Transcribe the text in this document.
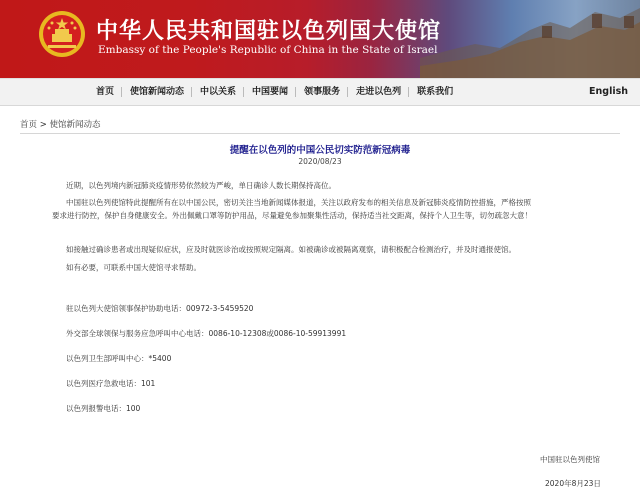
中华人民共和国驻以色列国大使馆
Embassy of the People's Republic of China in the State of Israel
首页	使馆新闻动态	中以关系	中国要闻	领事服务	走进以色列	联系我们	English
首页 > 使馆新闻动态
提醒在以色列的中国公民切实防范新冠病毒
2020/08/23
近期，以色列境内新冠肺炎疫情形势依然较为严峻，单日确诊人数长期保持高位。
中国驻以色列使馆特此提醒所有在以中国公民，密切关注当地新闻媒体报道，关注以政府发布的相关信息及新冠肺炎疫情防控措施，严格按照
要求进行防控，保护自身健康安全。外出佩戴口罩等防护用品，尽量避免参加聚集性活动，保持适当社交距离，保持个人卫生等，切勿疏忽大意！
如接触过确诊患者或出现疑似症状，应及时就医诊治或按照规定隔离。如被确诊或被隔离观察，请积极配合检测治疗，并及时通报使馆。
如有必要，可联系中国大使馆寻求帮助。
驻以色列大使馆领事保护协助电话：00972-3-5459520
外交部全球领保与服务应急呼叫中心电话：0086-10-12308或0086-10-59913991
以色列卫生部呼叫中心：*5400
以色列医疗急救电话：101
以色列报警电话：100
中国驻以色列使馆
2020年8月23日
